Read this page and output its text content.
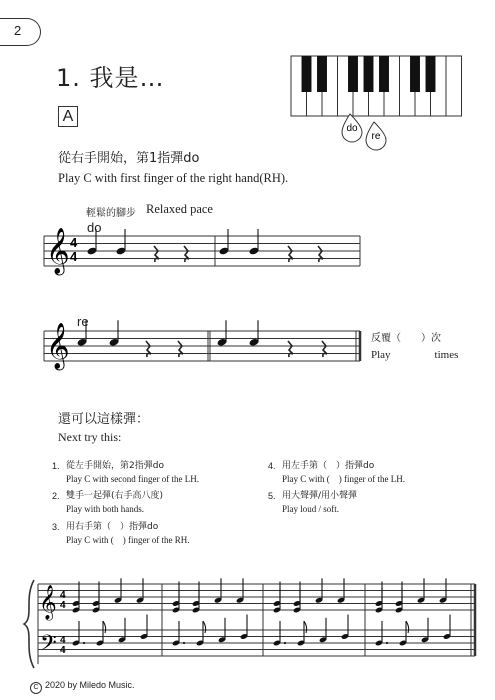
2
1. 我是…
do
re
A
從右手開始，第1指彈do
Play C with first finger of the right hand(RH).
輕鬆的腳步 Relaxed pace
do
𝄞 4
4
re
𝄞	反覆（　　）次
Play　　　　times
還可以這樣彈：
Next try this:
1. 從左手開始，第2指彈do
Play C with second finger of the LH.
2. 雙手一起彈(右手高八度)
Play with both hands.
3. 用右手第（　）指彈do
Play C with (　) finger of the RH.
4. 用左手第（　）指彈do
Play C with (　) finger of the LH.
5. 用大聲彈/用小聲彈
Play loud / soft.
𝄞
𝄢
4
4
4
4
C 2020 by Miledo Music.
